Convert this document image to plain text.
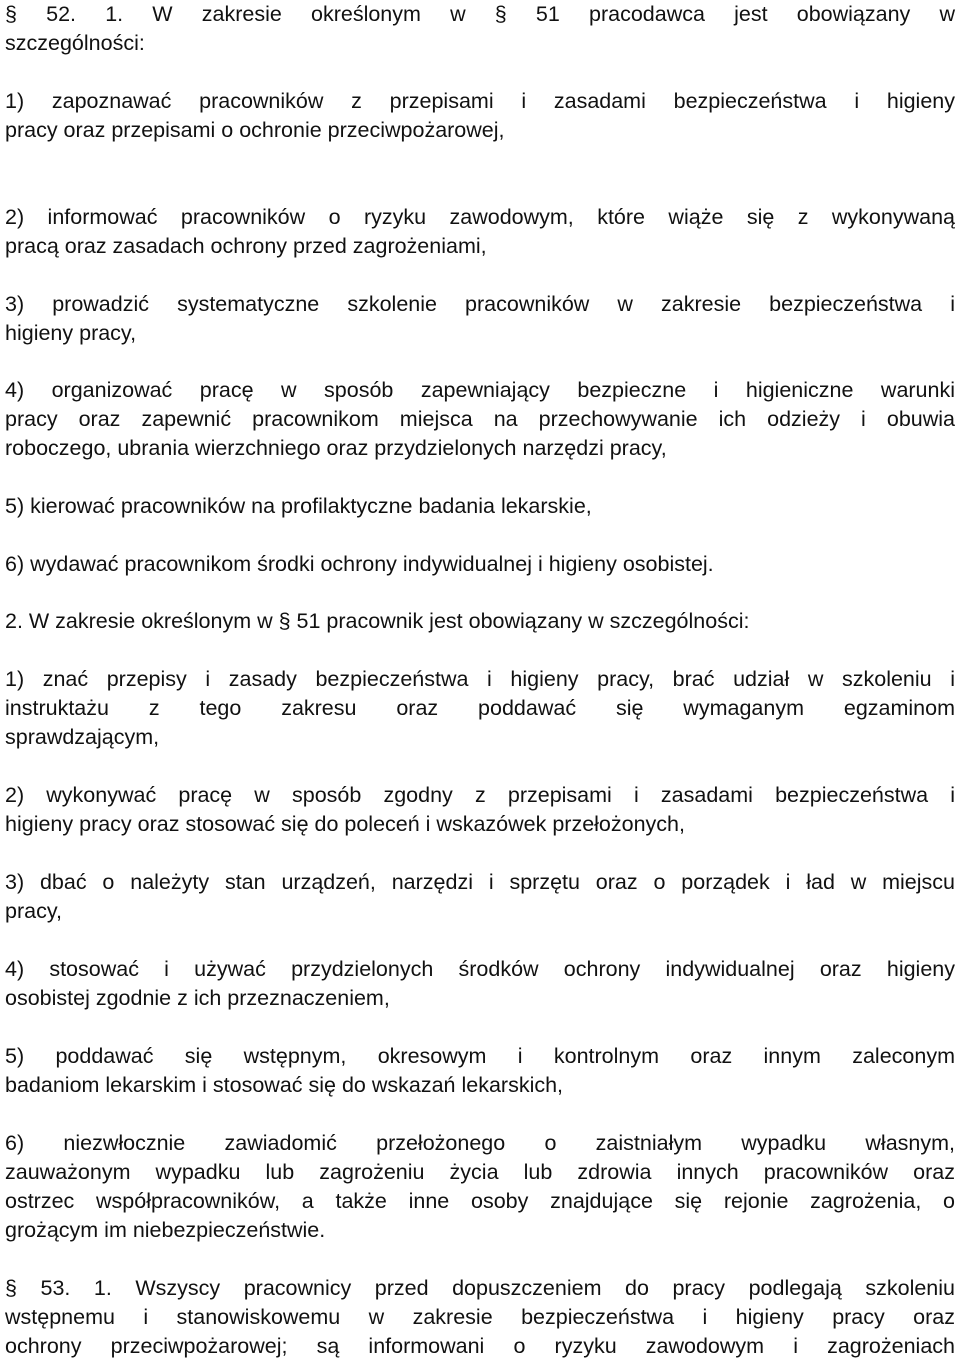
§ 52. 1. W zakresie określonym w § 51 pracodawca jest obowiązany w
szczególności:
1) zapoznawać pracowników z przepisami i zasadami bezpieczeństwa i higieny
pracy oraz przepisami o ochronie przeciwpożarowej,
2) informować pracowników o ryzyku zawodowym, które wiąże się z wykonywaną
pracą oraz zasadach ochrony przed zagrożeniami,
3) prowadzić systematyczne szkolenie pracowników w zakresie bezpieczeństwa i
higieny pracy,
4) organizować pracę w sposób zapewniający bezpieczne i higieniczne warunki
pracy oraz zapewnić pracownikom miejsca na przechowywanie ich odzieży i obuwia
roboczego, ubrania wierzchniego oraz przydzielonych narzędzi pracy,
5) kierować pracowników na profilaktyczne badania lekarskie,
6) wydawać pracownikom środki ochrony indywidualnej i higieny osobistej.
2. W zakresie określonym w § 51 pracownik jest obowiązany w szczególności:
1) znać przepisy i zasady bezpieczeństwa i higieny pracy, brać udział w szkoleniu i
instruktażu z tego zakresu oraz poddawać się wymaganym egzaminom
sprawdzającym,
2) wykonywać pracę w sposób zgodny z przepisami i zasadami bezpieczeństwa i
higieny pracy oraz stosować się do poleceń i wskazówek przełożonych,
3) dbać o należyty stan urządzeń, narzędzi i sprzętu oraz o porządek i ład w miejscu
pracy,
4) stosować i używać przydzielonych środków ochrony indywidualnej oraz higieny
osobistej zgodnie z ich przeznaczeniem,
5) poddawać się wstępnym, okresowym i kontrolnym oraz innym zaleconym
badaniom lekarskim i stosować się do wskazań lekarskich,
6) niezwłocznie zawiadomić przełożonego o zaistniałym wypadku własnym,
zauważonym wypadku lub zagrożeniu życia lub zdrowia innych pracowników oraz
ostrzec współpracowników, a także inne osoby znajdujące się rejonie zagrożenia, o
grożącym im niebezpieczeństwie.
§ 53. 1. Wszyscy pracownicy przed dopuszczeniem do pracy podlegają szkoleniu
wstępnemu i stanowiskowemu w zakresie bezpieczeństwa i higieny pracy oraz
ochrony przeciwpożarowej; są informowani o ryzyku zawodowym i zagrożeniach
